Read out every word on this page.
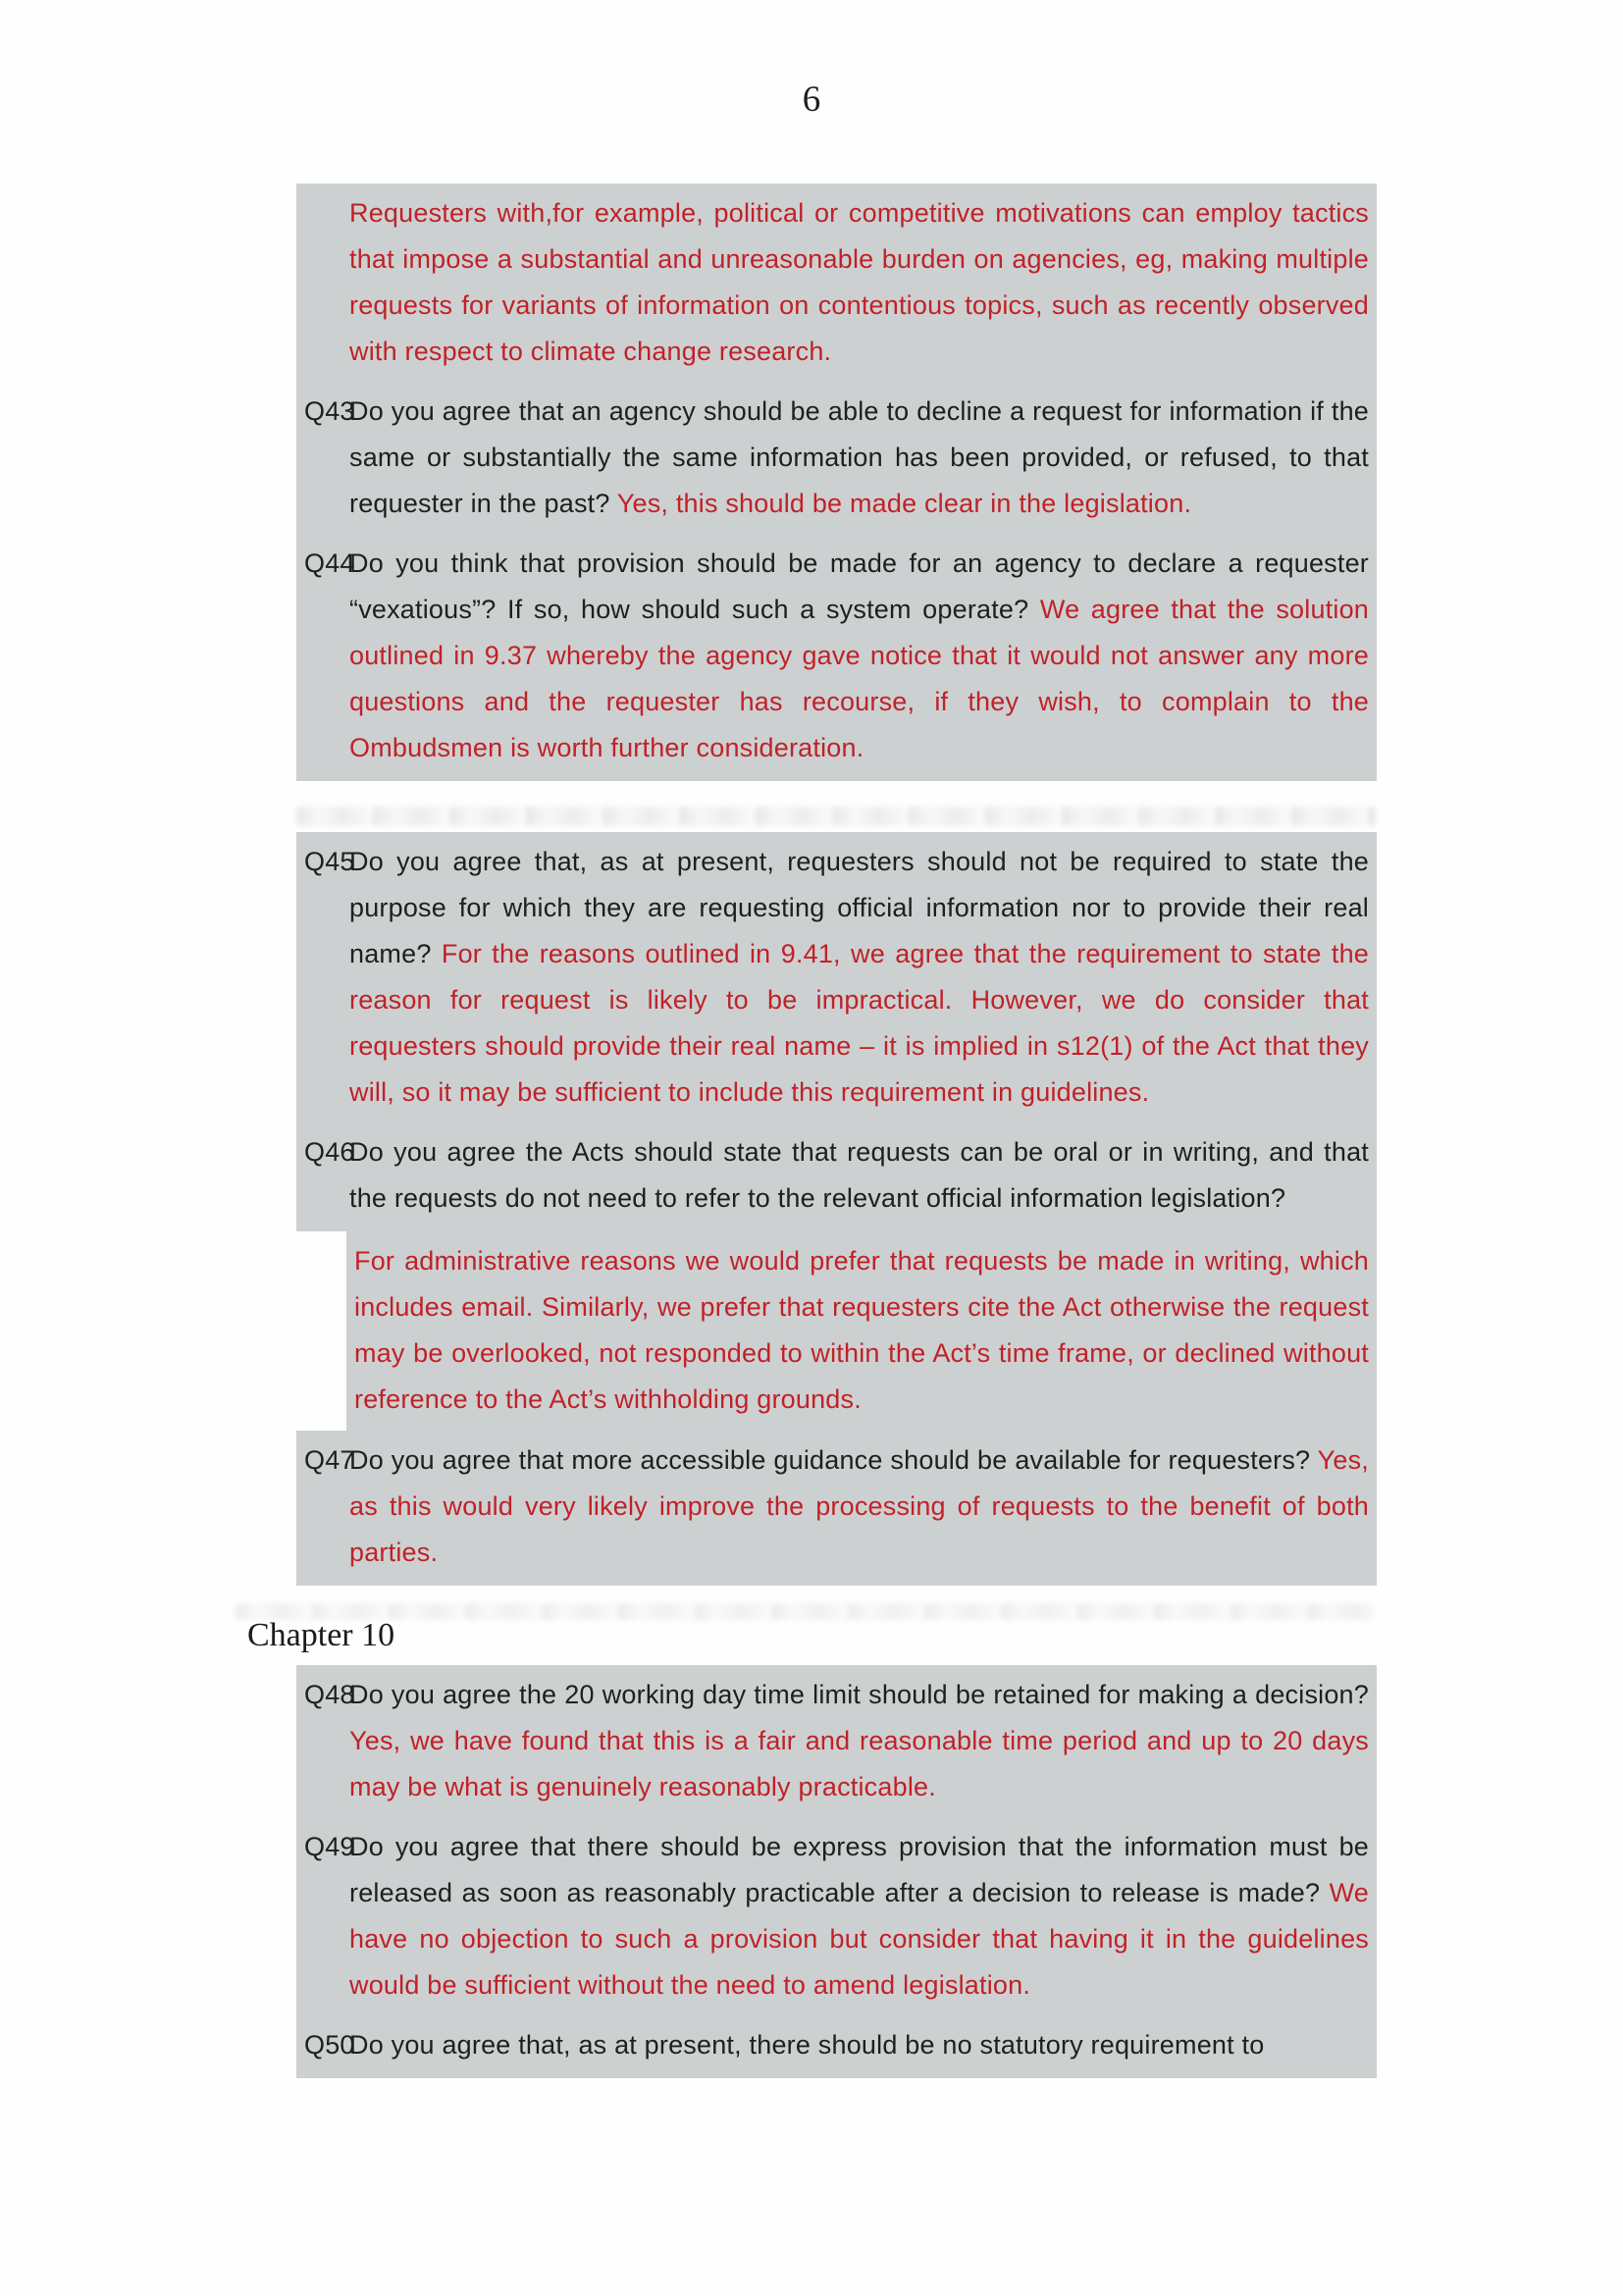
6

Requesters with,for example, political or competitive motivations can employ tactics that impose a substantial and unreasonable burden on agencies, eg, making multiple requests for variants of information on contentious topics, such as recently observed with respect to climate change research.

Q43
Do you agree that an agency should be able to decline a request for information if the same or substantially the same information has been provided, or refused, to that requester in the past? Yes, this should be made clear in the legislation.

Q44
Do you think that provision should be made for an agency to declare a requester “vexatious”? If so, how should such a system operate? We agree that the solution outlined in 9.37 whereby the agency gave notice that it would not answer any more questions and the requester has recourse, if they wish, to complain to the Ombudsmen is worth further consideration.

Q45
Do you agree that, as at present, requesters should not be required to state the purpose for which they are requesting official information nor to provide their real name? For the reasons outlined in 9.41, we agree that the requirement to state the reason for request is likely to be impractical. However, we do consider that requesters should provide their real name – it is implied in s12(1) of the Act that they will, so it may be sufficient to include this requirement in guidelines.

Q46
Do you agree the Acts should state that requests can be oral or in writing, and that the requests do not need to refer to the relevant official information legislation?

For administrative reasons we would prefer that requests be made in writing, which includes email. Similarly, we prefer that requesters cite the Act otherwise the request may be overlooked, not responded to within the Act’s time frame, or declined without reference to the Act’s withholding grounds.

Q47
Do you agree that more accessible guidance should be available for requesters? Yes, as this would very likely improve the processing of requests to the benefit of both parties.

Chapter 10

Q48
Do you agree the 20 working day time limit should be retained for making a decision? Yes, we have found that this is a fair and reasonable time period and up to 20 days may be what is genuinely reasonably practicable.

Q49
Do you agree that there should be express provision that the information must be released as soon as reasonably practicable after a decision to release is made? We have no objection to such a provision but consider that having it in the guidelines would be sufficient without the need to amend legislation.

Q50
Do you agree that, as at present, there should be no statutory requirement to
